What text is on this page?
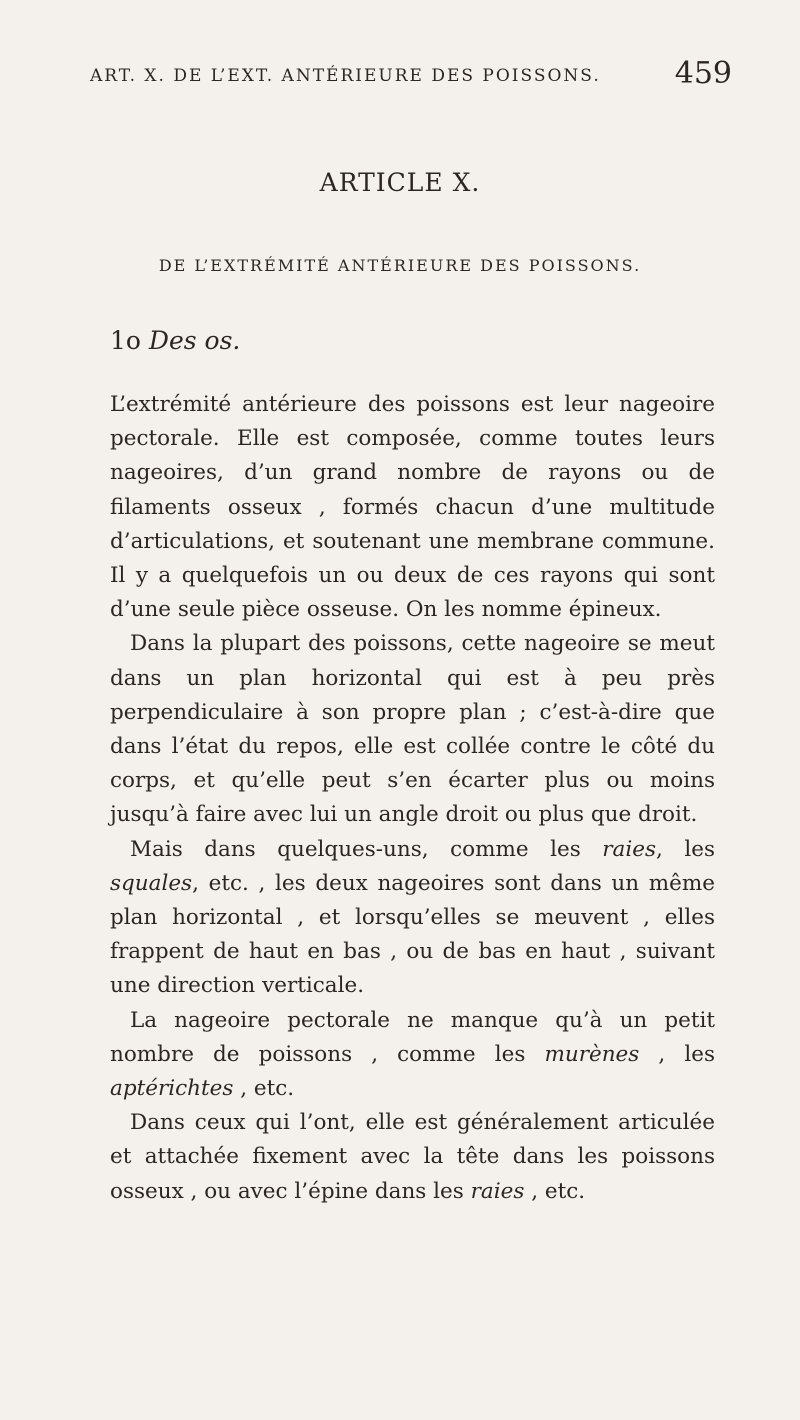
ART. X. DE L’EXT. ANTÉRIEURE DES POISSONS. 459
ARTICLE X.
DE L’EXTRÉMITÉ ANTÉRIEURE DES POISSONS.
1o Des os.

L’extrémité antérieure des poissons est leur nageoire pectorale. Elle est composée, comme toutes leurs nageoires, d’un grand nombre de rayons ou de filaments osseux , formés chacun d’une multitude d’articulations, et soutenant une membrane commune. Il y a quelquefois un ou deux de ces rayons qui sont d’une seule pièce osseuse. On les nomme épineux.

Dans la plupart des poissons, cette nageoire se meut dans un plan horizontal qui est à peu près perpendiculaire à son propre plan ; c’est-à-dire que dans l’état du repos, elle est collée contre le côté du corps, et qu’elle peut s’en écarter plus ou moins jusqu’à faire avec lui un angle droit ou plus que droit.

Mais dans quelques-uns, comme les raies, les squales, etc. , les deux nageoires sont dans un même plan horizontal , et lorsqu’elles se meuvent , elles frappent de haut en bas , ou de bas en haut , suivant une direction verticale.

La nageoire pectorale ne manque qu’à un petit nombre de poissons , comme les murènes , les aptérichtes , etc.

Dans ceux qui l’ont, elle est généralement articulée et attachée fixement avec la tête dans les poissons osseux , ou avec l’épine dans les raies , etc.
